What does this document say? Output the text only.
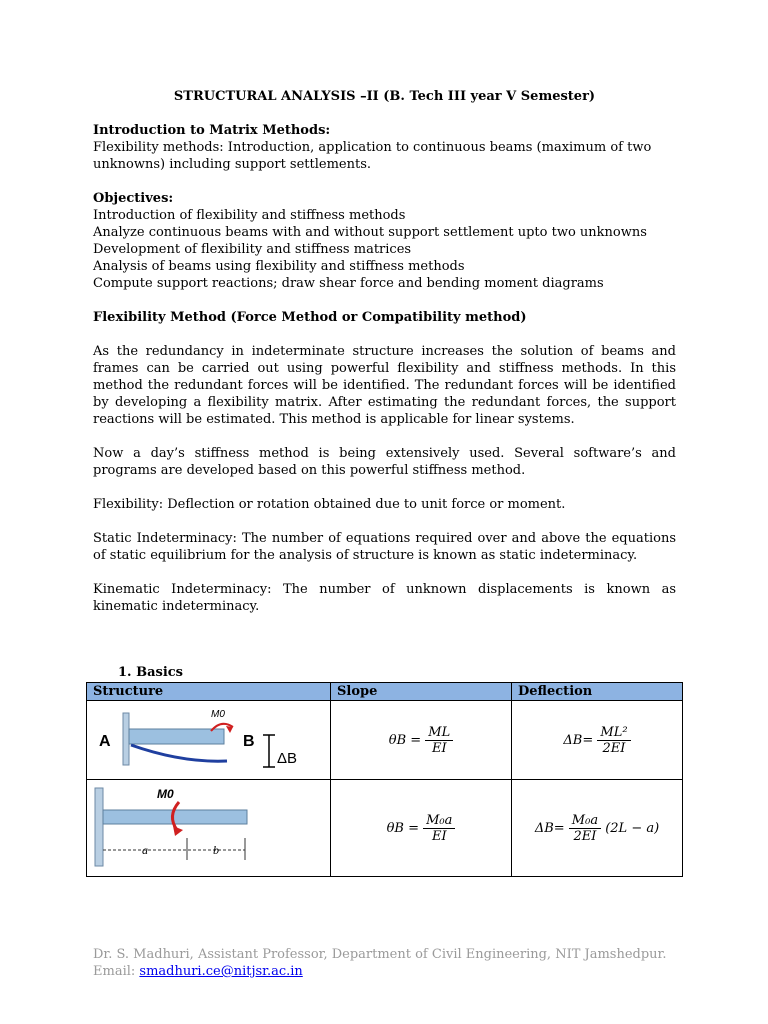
STRUCTURAL ANALYSIS –II (B. Tech III year V Semester)
Introduction to Matrix Methods:
Flexibility methods: Introduction, application to continuous beams (maximum of two
unknowns) including support settlements.
Objectives:
Introduction of flexibility and stiffness methods
Analyze continuous beams with and without support settlement upto two unknowns
Development of flexibility and stiffness matrices
Analysis of beams using flexibility and stiffness methods
Compute support reactions; draw shear force and bending moment diagrams
Flexibility Method (Force Method or Compatibility method)
As the redundancy in indeterminate structure increases the solution of beams and frames can be carried out using powerful flexibility and stiffness methods. In this method the redundant forces will be identified. The redundant forces will be identified by developing a flexibility matrix. After estimating the redundant forces, the support reactions will be estimated. This method is applicable for linear systems.
Now a day’s stiffness method is being extensively used. Several software’s and programs are developed based on this powerful stiffness method.
Flexibility: Deflection or rotation obtained due to unit force or moment.
Static Indeterminacy: The number of equations required over and above the equations of static equilibrium for the analysis of structure is known as static indeterminacy.
Kinematic Indeterminacy: The number of unknown displacements is known as kinematic indeterminacy.
1. Basics
Structure	Slope	Deflection

A
M0
B
ΔB	$\theta B = \frac{ML}{EI}$	$\Delta B= \frac{\text{ML²}}{2EI}$

M0
a b	$\theta B = \frac{\text{M₀a}}{EI}$	$\Delta B= \frac{\text{M₀a}}{2EI} (2L - a)$
Dr. S. Madhuri, Assistant Professor, Department of Civil Engineering, NIT Jamshedpur.
Email: smadhuri.ce@nitjsr.ac.in
